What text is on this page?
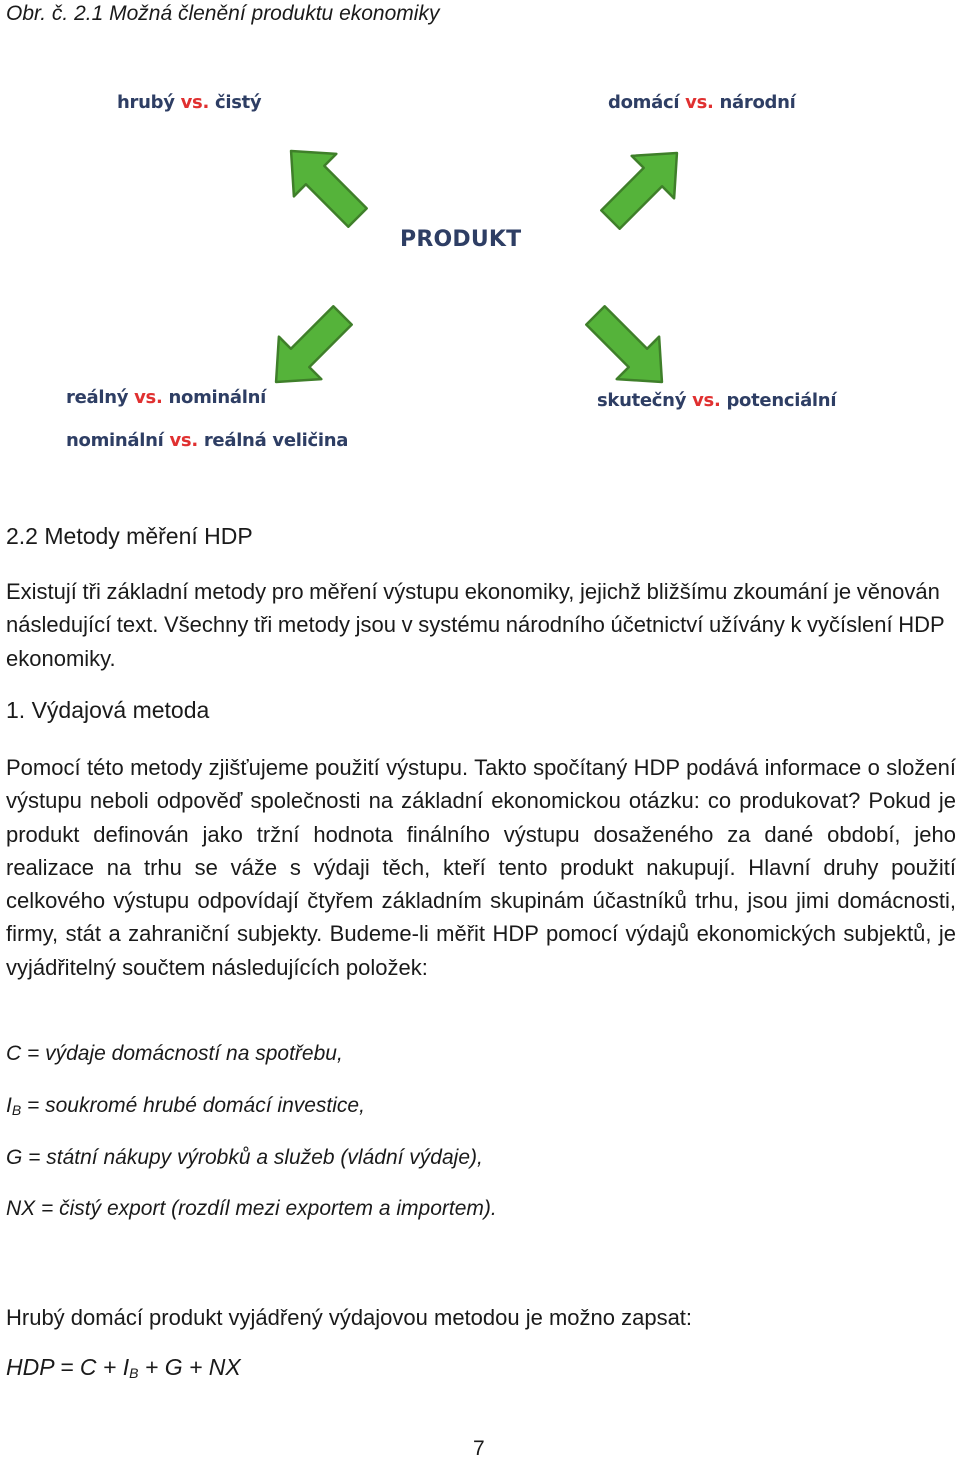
Obr. č. 2.1 Možná členění produktu ekonomiky
hrubý vs. čistý	domácí vs. národní
PRODUKT
reálný vs. nominální
nominální vs. reálná veličina
skutečný vs. potenciální
2.2 Metody měření HDP
Existují tři základní metody pro měření výstupu ekonomiky, jejichž bližšímu zkoumání je věnován následující text. Všechny tři metody jsou v systému národního účetnictví užívány k vyčíslení HDP ekonomiky.
1. Výdajová metoda
Pomocí této metody zjišťujeme použití výstupu. Takto spočítaný HDP podává informace o složení výstupu neboli odpověď společnosti na základní ekonomickou otázku: co produkovat? Pokud je produkt definován jako tržní hodnota finálního výstupu dosaženého za dané období, jeho realizace na trhu se váže s výdaji těch, kteří tento produkt nakupují. Hlavní druhy použití celkového výstupu odpovídají čtyřem základním skupinám účastníků trhu, jsou jimi domácnosti, firmy, stát a zahraniční subjekty. Budeme-li měřit HDP pomocí výdajů ekonomických subjektů, je vyjádřitelný součtem následujících položek:
C = výdaje domácností na spotřebu,
$I_B$ = soukromé hrubé domácí investice,
G = státní nákupy výrobků a služeb (vládní výdaje),
NX = čistý export (rozdíl mezi exportem a importem).
Hrubý domácí produkt vyjádřený výdajovou metodou je možno zapsat:
HDP = $C + I_B + G$ + NX
7
